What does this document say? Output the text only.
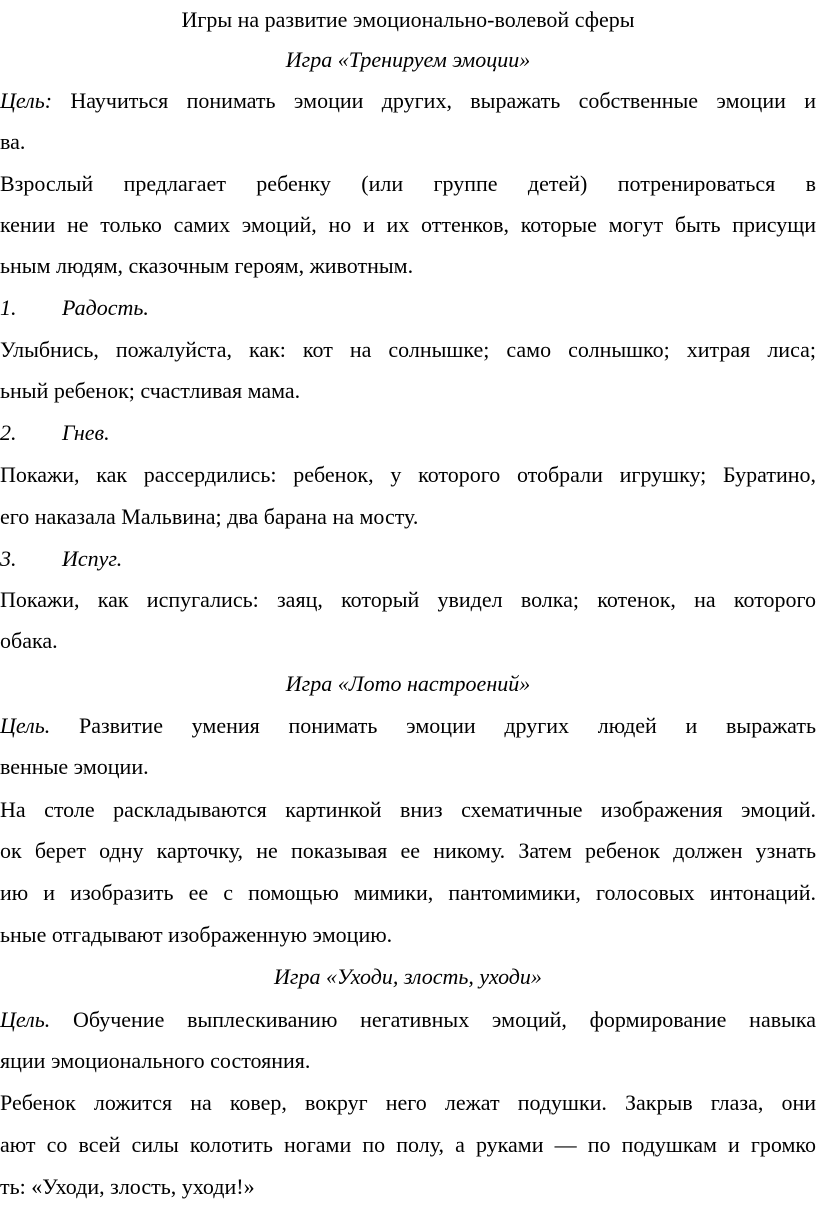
Игры на развитие эмоционально-волевой сферы

Игра «Тренируем эмоции»

Цель: Научиться понимать эмоции других, выражать собственные эмоции и

ва.

Взрослый предлагает ребенку (или группе детей) потренироваться в

кении не только самих эмоций, но и их оттенков, которые могут быть присущи

ьным людям, сказочным героям, животным.

1. Радость.

Улыбнись, пожалуйста, как: кот на солнышке; само солнышко; хитрая лиса;

ьный ребенок; счастливая мама.

2. Гнев.

Покажи, как рассердились: ребенок, у которого отобрали игрушку; Буратино,

его наказала Мальвина; два барана на мосту.

3. Испуг.

Покажи, как испугались: заяц, который увидел волка; котенок, на которого

обака.

Игра «Лото настроений»

Цель. Развитие умения понимать эмоции других людей и выражать

венные эмоции.

На столе раскладываются картинкой вниз схематичные изображения эмоций.

ок берет одну карточку, не показывая ее никому. Затем ребенок должен узнать

ию и изобразить ее с помощью мимики, пантомимики, голосовых интонаций.

ьные отгадывают изображенную эмоцию.

Игра «Уходи, злость, уходи»

Цель. Обучение выплескиванию негативных эмоций, формирование навыка

яции эмоционального состояния.

Ребенок ложится на ковер, вокруг него лежат подушки. Закрыв глаза, они

ают со всей силы колотить ногами по полу, а руками — по подушкам и громко

ть: «Уходи, злость, уходи!»
